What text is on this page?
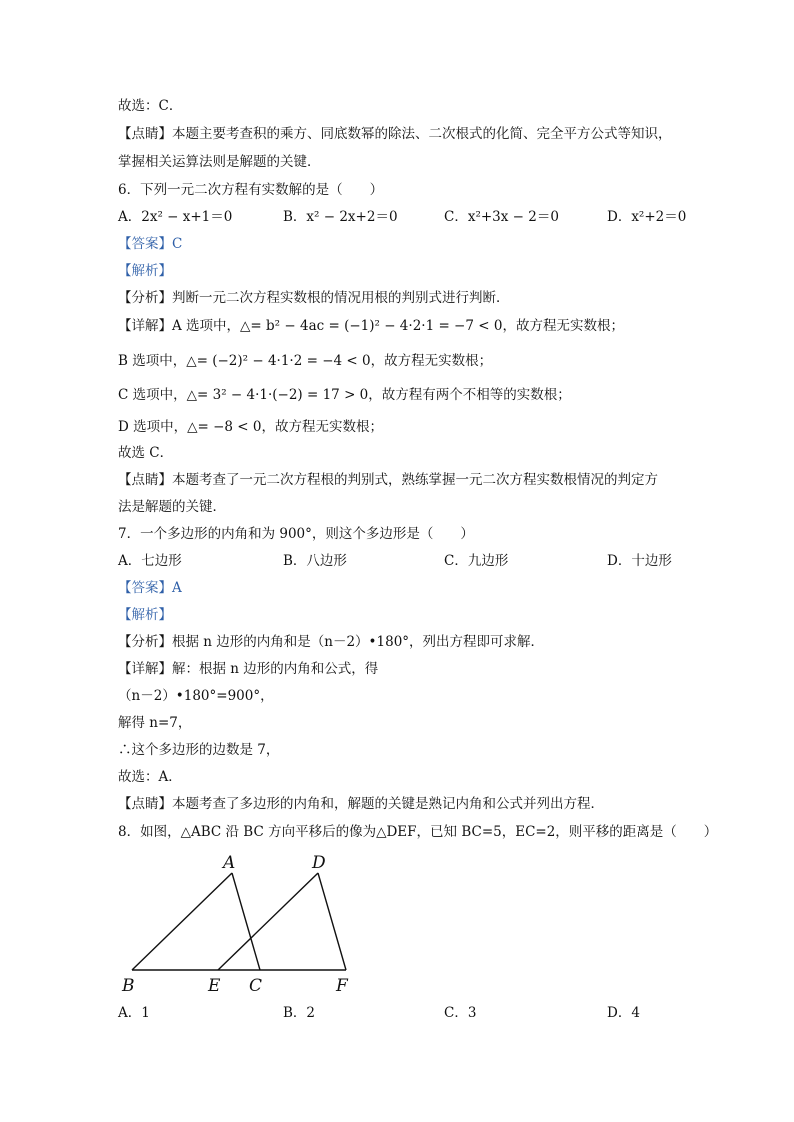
故选：C．
【点睛】本题主要考查积的乘方、同底数幂的除法、二次根式的化简、完全平方公式等知识，
掌握相关运算法则是解题的关键．
6．下列一元二次方程有实数解的是（　　）
A．2x² − x+1＝0	B．x² − 2x+2＝0	C．x²+3x − 2＝0	D．x²+2＝0
【答案】C
【解析】
【分析】判断一元二次方程实数根的情况用根的判别式进行判断．
【详解】A 选项中，△= b² − 4ac = (−1)² − 4·2·1 = −7 < 0，故方程无实数根；
B 选项中，△= (−2)² − 4·1·2 = −4 < 0，故方程无实数根；
C 选项中，△= 3² − 4·1·(−2) = 17 > 0，故方程有两个不相等的实数根；
D 选项中，△= −8 < 0，故方程无实数根；
故选 C．
【点睛】本题考查了一元二次方程根的判别式，熟练掌握一元二次方程实数根情况的判定方
法是解题的关键．
7．一个多边形的内角和为 900°，则这个多边形是（　　）
A．七边形	B．八边形	C．九边形	D．十边形
【答案】A
【解析】
【分析】根据 n 边形的内角和是（n－2）•180°，列出方程即可求解．
【详解】解：根据 n 边形的内角和公式，得
（n－2）•180°=900°，
解得 n=7，
∴这个多边形的边数是 7，
故选：A．
【点睛】本题考查了多边形的内角和，解题的关键是熟记内角和公式并列出方程．
8．如图，△ABC 沿 BC 方向平移后的像为△DEF，已知 BC=5，EC=2，则平移的距离是（　　）
A	D
B	E C	F
A．1	B．2	C．3	D．4
